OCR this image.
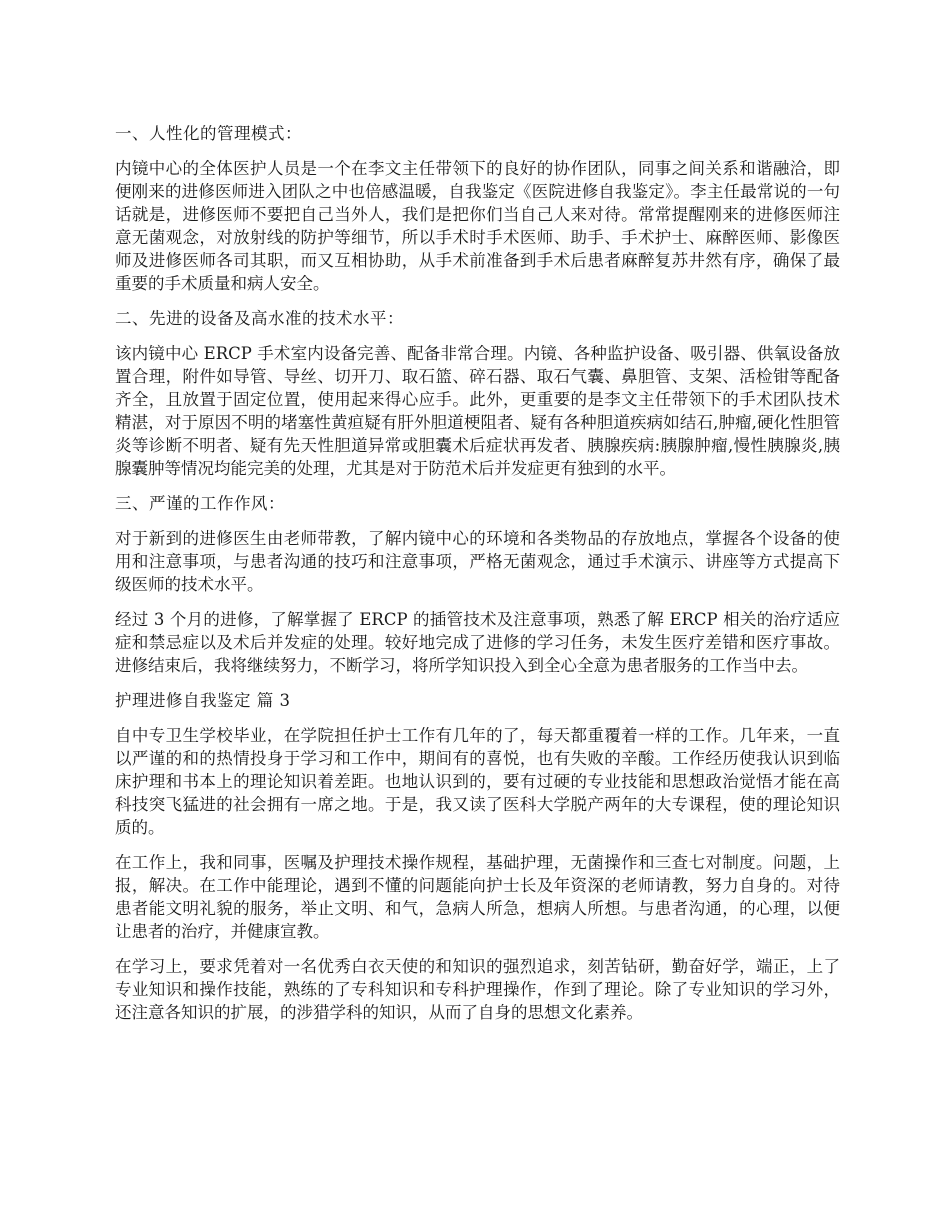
一、人性化的管理模式：

内镜中心的全体医护人员是一个在李文主任带领下的良好的协作团队，同事之间关系和谐融洽，即便刚来的进修医师进入团队之中也倍感温暖，自我鉴定《医院进修自我鉴定》。李主任最常说的一句话就是，进修医师不要把自己当外人，我们是把你们当自己人来对待。常常提醒刚来的进修医师注意无菌观念，对放射线的防护等细节，所以手术时手术医师、助手、手术护士、麻醉医师、影像医师及进修医师各司其职，而又互相协助，从手术前准备到手术后患者麻醉复苏井然有序，确保了最重要的手术质量和病人安全。

二、先进的设备及高水准的技术水平：

该内镜中心 ERCP 手术室内设备完善、配备非常合理。内镜、各种监护设备、吸引器、供氧设备放置合理，附件如导管、导丝、切开刀、取石篮、碎石器、取石气囊、鼻胆管、支架、活检钳等配备齐全，且放置于固定位置，使用起来得心应手。此外，更重要的是李文主任带领下的手术团队技术精湛，对于原因不明的堵塞性黄疸疑有肝外胆道梗阻者、疑有各种胆道疾病如结石,肿瘤,硬化性胆管炎等诊断不明者、疑有先天性胆道异常或胆囊术后症状再发者、胰腺疾病:胰腺肿瘤,慢性胰腺炎,胰腺囊肿等情况均能完美的处理，尤其是对于防范术后并发症更有独到的水平。

三、严谨的工作作风：

对于新到的进修医生由老师带教，了解内镜中心的环境和各类物品的存放地点，掌握各个设备的使用和注意事项，与患者沟通的技巧和注意事项，严格无菌观念，通过手术演示、讲座等方式提高下级医师的技术水平。

经过 3 个月的进修，了解掌握了 ERCP 的插管技术及注意事项，熟悉了解 ERCP 相关的治疗适应症和禁忌症以及术后并发症的处理。较好地完成了进修的学习任务，未发生医疗差错和医疗事故。进修结束后，我将继续努力，不断学习，将所学知识投入到全心全意为患者服务的工作当中去。

护理进修自我鉴定 篇 3

自中专卫生学校毕业，在学院担任护士工作有几年的了，每天都重覆着一样的工作。几年来，一直以严谨的和的热情投身于学习和工作中，期间有的喜悦，也有失败的辛酸。工作经历使我认识到临床护理和书本上的理论知识着差距。也地认识到的，要有过硬的专业技能和思想政治觉悟才能在高科技突飞猛进的社会拥有一席之地。于是，我又读了医科大学脱产两年的大专课程，使的理论知识质的。

在工作上，我和同事，医嘱及护理技术操作规程，基础护理，无菌操作和三查七对制度。问题，上报，解决。在工作中能理论，遇到不懂的问题能向护士长及年资深的老师请教，努力自身的。对待患者能文明礼貌的服务，举止文明、和气，急病人所急，想病人所想。与患者沟通，的心理，以便让患者的治疗，并健康宣教。

在学习上，要求凭着对一名优秀白衣天使的和知识的强烈追求，刻苦钻研，勤奋好学，端正，上了专业知识和操作技能，熟练的了专科知识和专科护理操作，作到了理论。除了专业知识的学习外，还注意各知识的扩展，的涉猎学科的知识，从而了自身的思想文化素养。
